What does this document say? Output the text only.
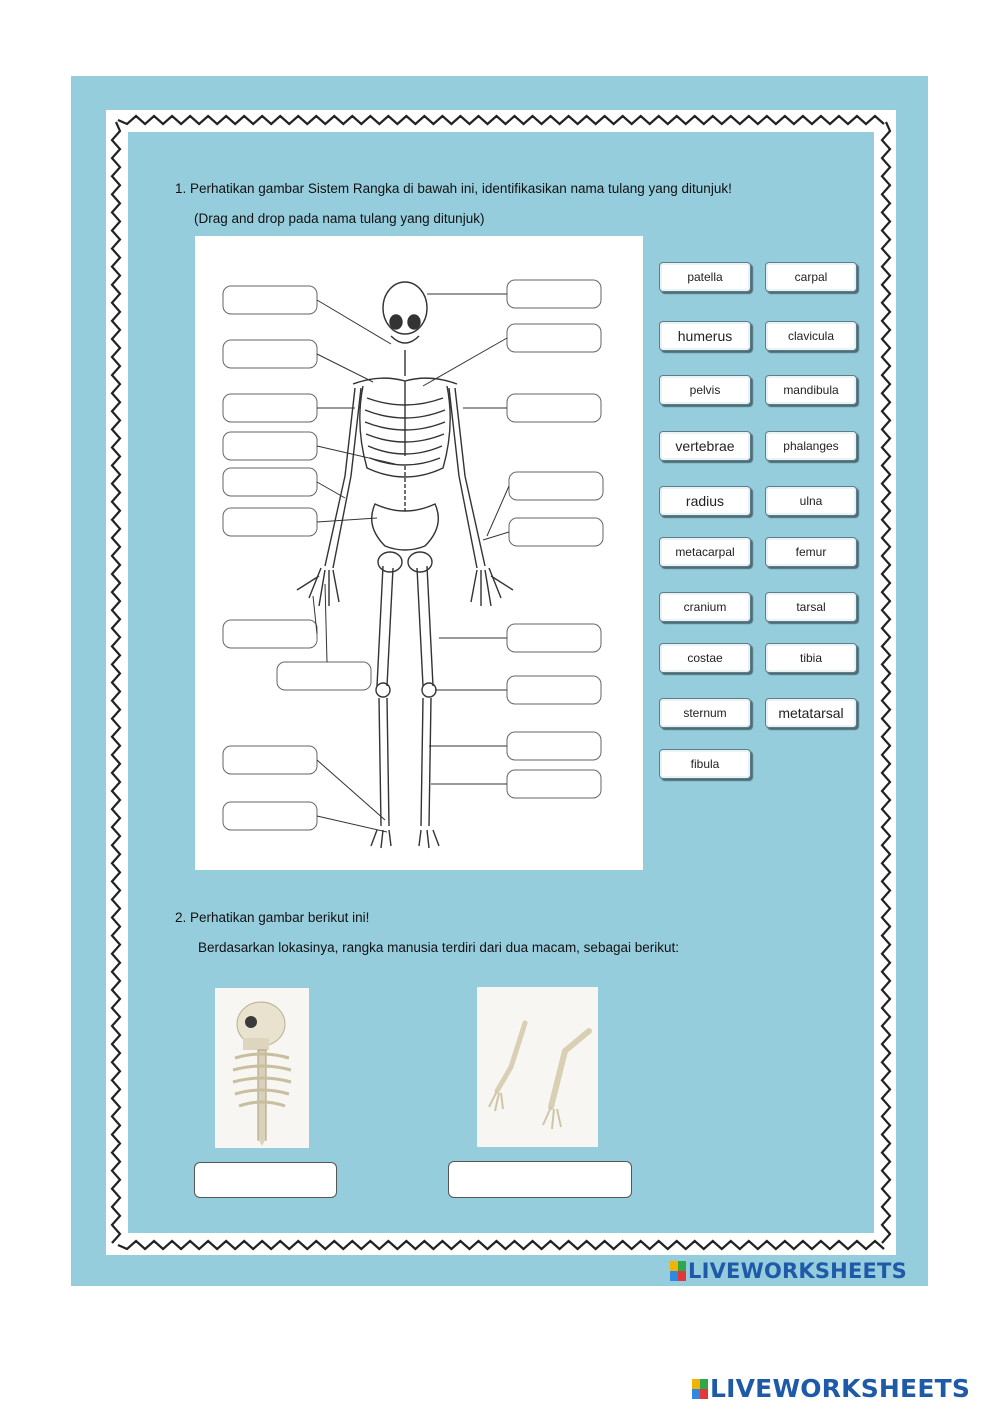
1. Perhatikan gambar Sistem Rangka di bawah ini, identifikasikan nama tulang yang ditunjuk!
(Drag and drop pada nama tulang yang ditunjuk)
patella	carpal
humerus	clavicula
pelvis	mandibula
vertebrae	phalanges
radius	ulna
metacarpal	femur
cranium	tarsal
costae	tibia
sternum	metatarsal
fibula
2. Perhatikan gambar berikut ini!
Berdasarkan lokasinya, rangka manusia terdiri dari dua macam, sebagai berikut:
LIVEWORKSHEETS
LIVEWORKSHEETS
